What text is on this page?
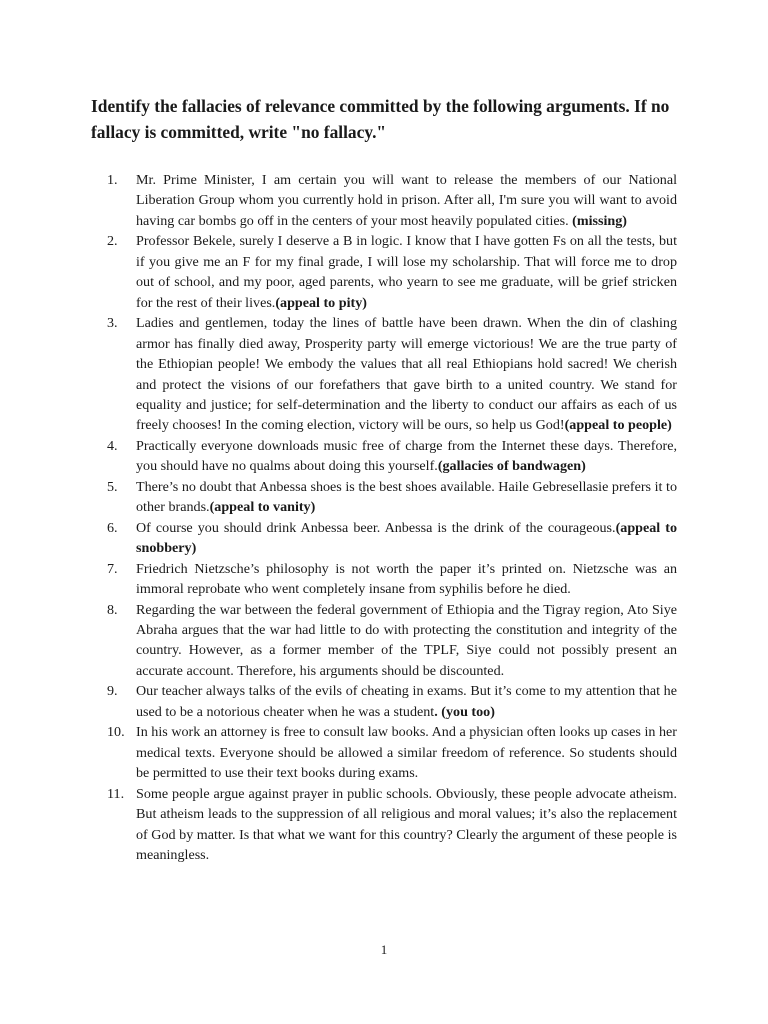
Identify the fallacies of relevance committed by the following arguments. If no fallacy is committed, write "no fallacy."
1. Mr. Prime Minister, I am certain you will want to release the members of our National Liberation Group whom you currently hold in prison. After all, I'm sure you will want to avoid having car bombs go off in the centers of your most heavily populated cities. (missing)
2. Professor Bekele, surely I deserve a B in logic. I know that I have gotten Fs on all the tests, but if you give me an F for my final grade, I will lose my scholarship. That will force me to drop out of school, and my poor, aged parents, who yearn to see me graduate, will be grief stricken for the rest of their lives.(appeal to pity)
3. Ladies and gentlemen, today the lines of battle have been drawn. When the din of clashing armor has finally died away, Prosperity party will emerge victorious! We are the true party of the Ethiopian people! We embody the values that all real Ethiopians hold sacred! We cherish and protect the visions of our forefathers that gave birth to a united country. We stand for equality and justice; for self-determination and the liberty to conduct our affairs as each of us freely chooses! In the coming election, victory will be ours, so help us God!(appeal to people)
4. Practically everyone downloads music free of charge from the Internet these days. Therefore, you should have no qualms about doing this yourself.(gallacies of bandwagen)
5. There’s no doubt that Anbessa shoes is the best shoes available. Haile Gebresellasie prefers it to other brands.(appeal to vanity)
6. Of course you should drink Anbessa beer. Anbessa is the drink of the courageous.(appeal to snobbery)
7. Friedrich Nietzsche’s philosophy is not worth the paper it’s printed on. Nietzsche was an immoral reprobate who went completely insane from syphilis before he died.
8. Regarding the war between the federal government of Ethiopia and the Tigray region, Ato Siye Abraha argues that the war had little to do with protecting the constitution and integrity of the country. However, as a former member of the TPLF, Siye could not possibly present an accurate account. Therefore, his arguments should be discounted.
9. Our teacher always talks of the evils of cheating in exams. But it’s come to my attention that he used to be a notorious cheater when he was a student. (you too)
10. In his work an attorney is free to consult law books. And a physician often looks up cases in her medical texts. Everyone should be allowed a similar freedom of reference. So students should be permitted to use their text books during exams.
11. Some people argue against prayer in public schools. Obviously, these people advocate atheism. But atheism leads to the suppression of all religious and moral values; it’s also the replacement of God by matter. Is that what we want for this country? Clearly the argument of these people is meaningless.
1
